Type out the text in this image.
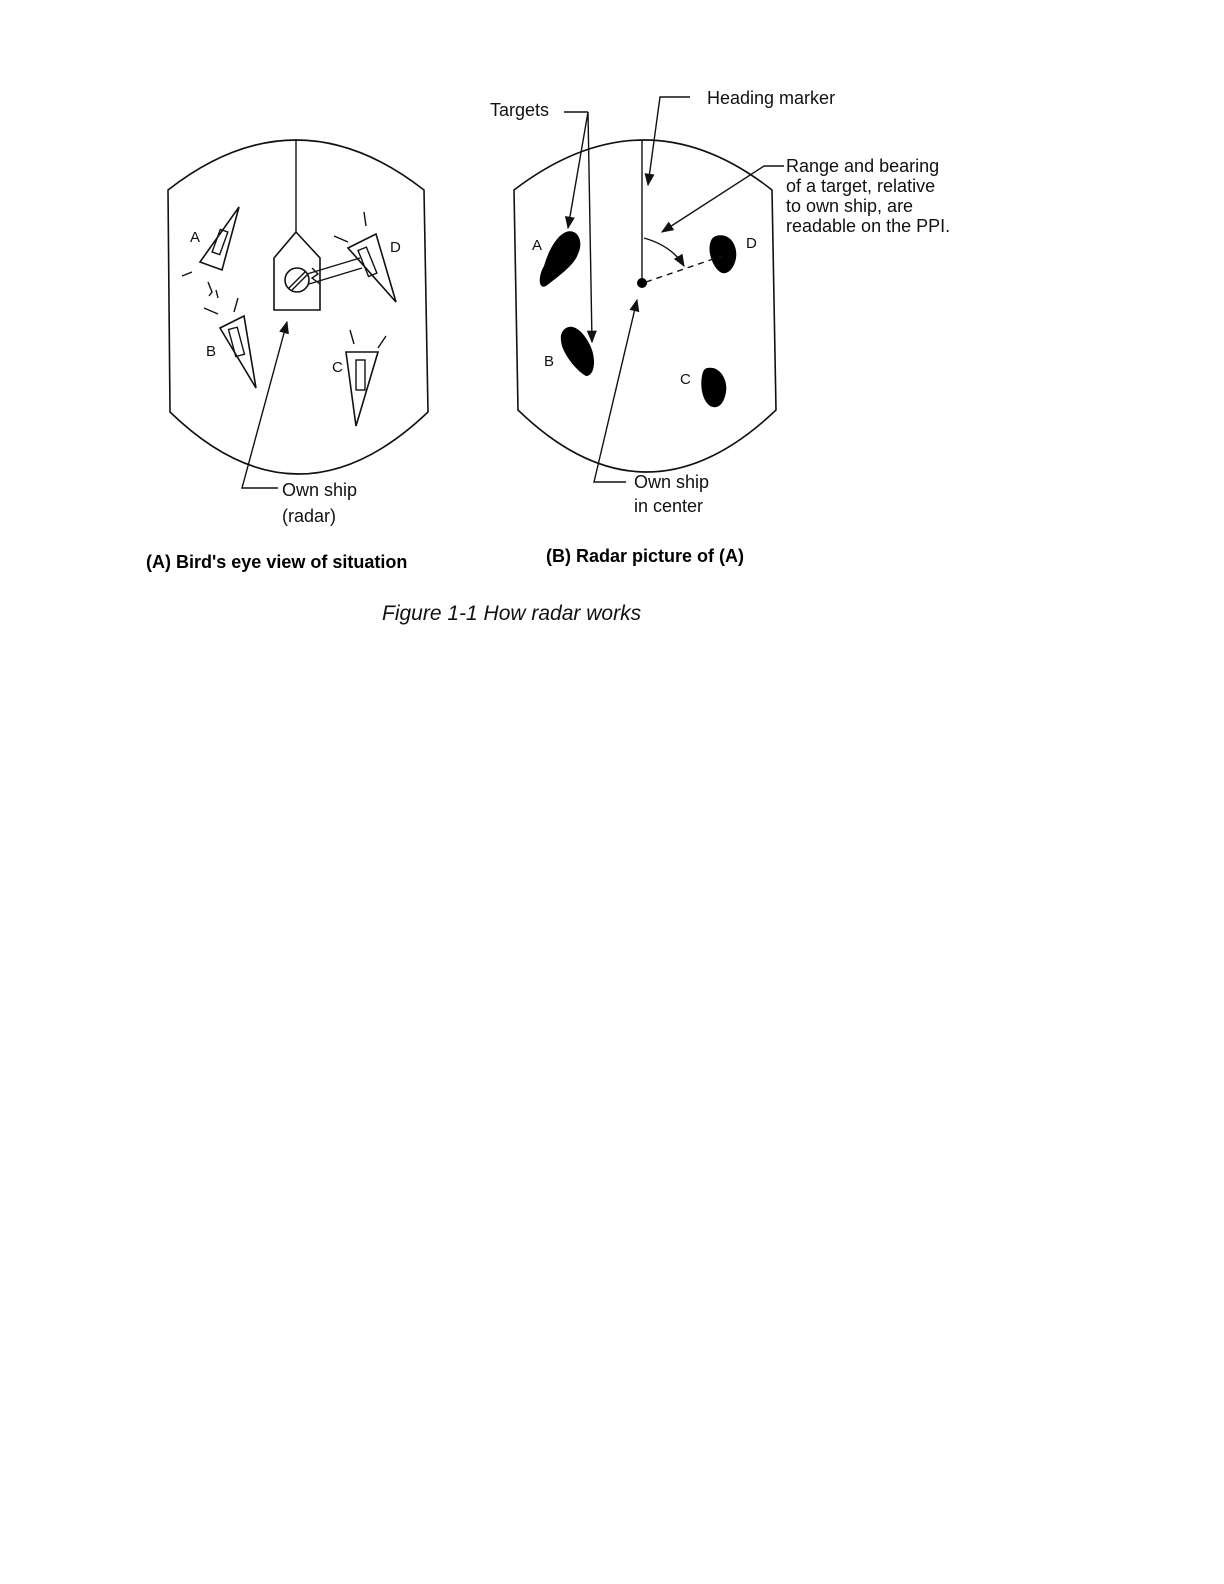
A
B
C
D
Own ship
(radar)
(A) Bird's eye view of situation
A
B
C
D
Targets
Heading marker
Range and bearing
of a target, relative
to own ship, are
readable on the PPI.
Own ship
in center
(B) Radar picture of (A)
Figure 1-1 How radar works
